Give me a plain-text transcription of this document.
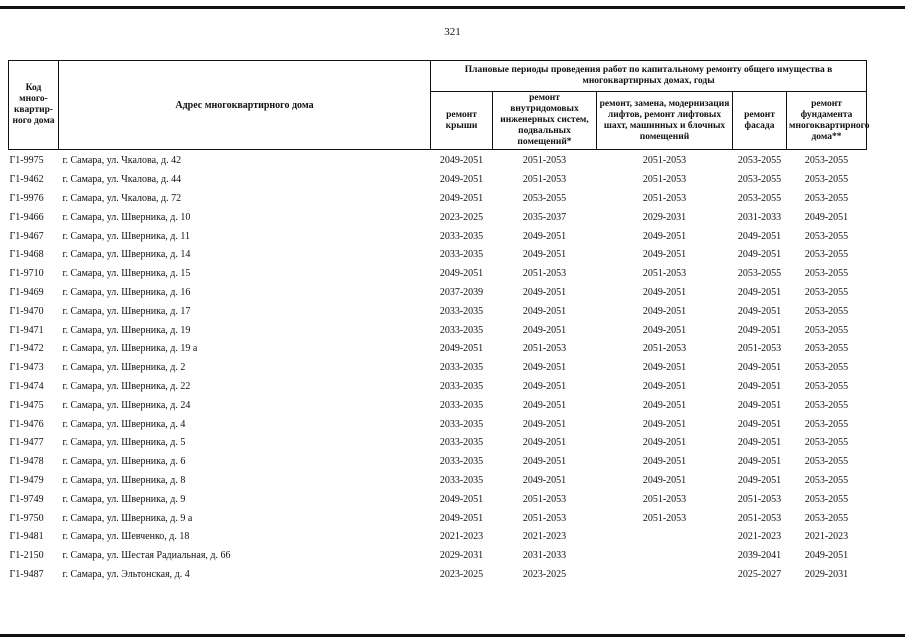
321
Код много-квартир-ного дома	Адрес многоквартирного дома	Плановые периоды проведения работ по капитальному ремонту общего имущества в многоквартирных домах, годы				
		ремонт крыши	ремонт внутридомовых инженерных систем, подвальных помещений*	ремонт, замена, модернизация лифтов, ремонт лифтовых шахт, машинных и блочных помещений	ремонт фасада	ремонт фундамента многоквартирного дома**
Г1-9975	г. Самара, ул. Чкалова, д. 42	2049-2051	2051-2053	2051-2053	2053-2055	2053-2055
Г1-9462	г. Самара, ул. Чкалова, д. 44	2049-2051	2051-2053	2051-2053	2053-2055	2053-2055
Г1-9976	г. Самара, ул. Чкалова, д. 72	2049-2051	2053-2055	2051-2053	2053-2055	2053-2055
Г1-9466	г. Самара, ул. Шверника, д. 10	2023-2025	2035-2037	2029-2031	2031-2033	2049-2051
Г1-9467	г. Самара, ул. Шверника, д. 11	2033-2035	2049-2051	2049-2051	2049-2051	2053-2055
Г1-9468	г. Самара, ул. Шверника, д. 14	2033-2035	2049-2051	2049-2051	2049-2051	2053-2055
Г1-9710	г. Самара, ул. Шверника, д. 15	2049-2051	2051-2053	2051-2053	2053-2055	2053-2055
Г1-9469	г. Самара, ул. Шверника, д. 16	2037-2039	2049-2051	2049-2051	2049-2051	2053-2055
Г1-9470	г. Самара, ул. Шверника, д. 17	2033-2035	2049-2051	2049-2051	2049-2051	2053-2055
Г1-9471	г. Самара, ул. Шверника, д. 19	2033-2035	2049-2051	2049-2051	2049-2051	2053-2055
Г1-9472	г. Самара, ул. Шверника, д. 19 а	2049-2051	2051-2053	2051-2053	2051-2053	2053-2055
Г1-9473	г. Самара, ул. Шверника, д. 2	2033-2035	2049-2051	2049-2051	2049-2051	2053-2055
Г1-9474	г. Самара, ул. Шверника, д. 22	2033-2035	2049-2051	2049-2051	2049-2051	2053-2055
Г1-9475	г. Самара, ул. Шверника, д. 24	2033-2035	2049-2051	2049-2051	2049-2051	2053-2055
Г1-9476	г. Самара, ул. Шверника, д. 4	2033-2035	2049-2051	2049-2051	2049-2051	2053-2055
Г1-9477	г. Самара, ул. Шверника, д. 5	2033-2035	2049-2051	2049-2051	2049-2051	2053-2055
Г1-9478	г. Самара, ул. Шверника, д. 6	2033-2035	2049-2051	2049-2051	2049-2051	2053-2055
Г1-9479	г. Самара, ул. Шверника, д. 8	2033-2035	2049-2051	2049-2051	2049-2051	2053-2055
Г1-9749	г. Самара, ул. Шверника, д. 9	2049-2051	2051-2053	2051-2053	2051-2053	2053-2055
Г1-9750	г. Самара, ул. Шверника, д. 9 а	2049-2051	2051-2053	2051-2053	2051-2053	2053-2055
Г1-9481	г. Самара, ул. Шевченко, д. 18	2021-2023	2021-2023		2021-2023	2021-2023
Г1-2150	г. Самара, ул. Шестая Радиальная, д. 66	2029-2031	2031-2033		2039-2041	2049-2051
Г1-9487	г. Самара, ул. Эльтонская, д. 4	2023-2025	2023-2025		2025-2027	2029-2031
